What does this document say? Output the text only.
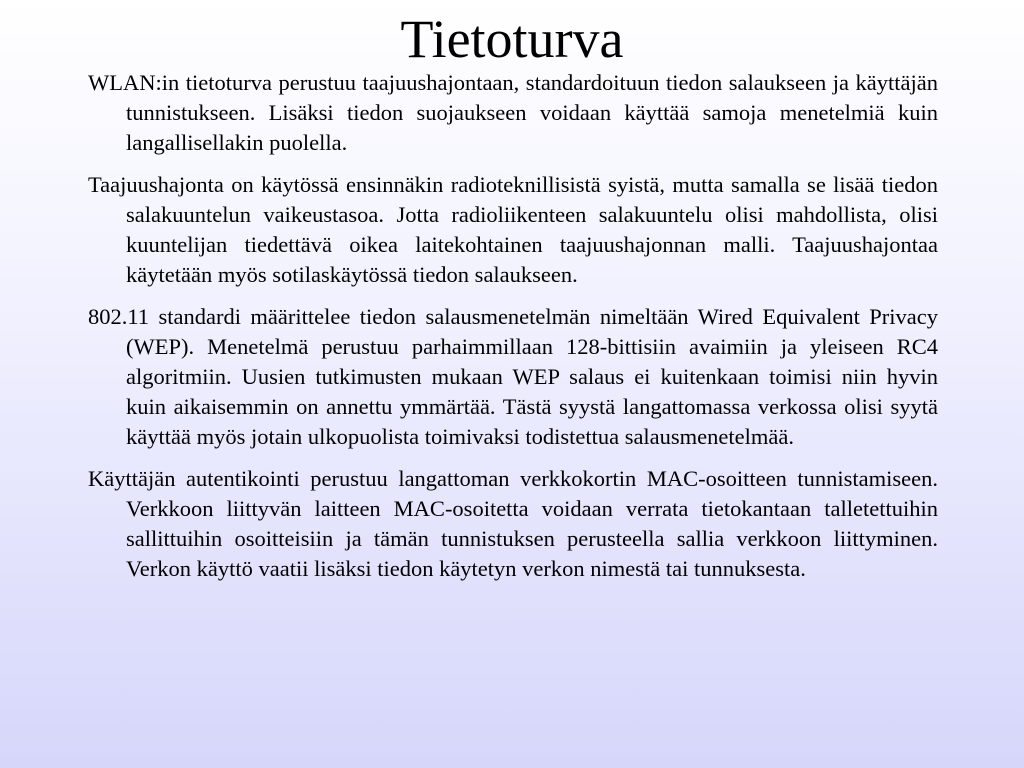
Tietoturva
WLAN:in tietoturva perustuu taajuushajontaan, standardoituun tiedon salaukseen ja käyttäjän tunnistukseen. Lisäksi tiedon suojaukseen voidaan käyttää samoja menetelmiä kuin langallisellakin puolella.
Taajuushajonta on käytössä ensinnäkin radioteknillisistä syistä, mutta samalla se lisää tiedon salakuuntelun vaikeustasoa. Jotta radioliikenteen salakuuntelu olisi mahdollista, olisi kuuntelijan tiedettävä oikea laitekohtainen taajuushajonnan malli. Taajuushajontaa käytetään myös sotilaskäytössä tiedon salaukseen.
802.11 standardi määrittelee tiedon salausmenetelmän nimeltään Wired Equivalent Privacy (WEP). Menetelmä perustuu parhaimmillaan 128-bittisiin avaimiin ja yleiseen RC4 algoritmiin. Uusien tutkimusten mukaan WEP salaus ei kuitenkaan toimisi niin hyvin kuin aikaisemmin on annettu ymmärtää. Tästä syystä langattomassa verkossa olisi syytä käyttää myös jotain ulkopuolista toimivaksi todistettua salausmenetelmää.
Käyttäjän autentikointi perustuu langattoman verkkokortin MAC-osoitteen tunnistamiseen. Verkkoon liittyvän laitteen MAC-osoitetta voidaan verrata tietokantaan talletettuihin sallittuihin osoitteisiin ja tämän tunnistuksen perusteella sallia verkkoon liittyminen. Verkon käyttö vaatii lisäksi tiedon käytetyn verkon nimestä tai tunnuksesta.
